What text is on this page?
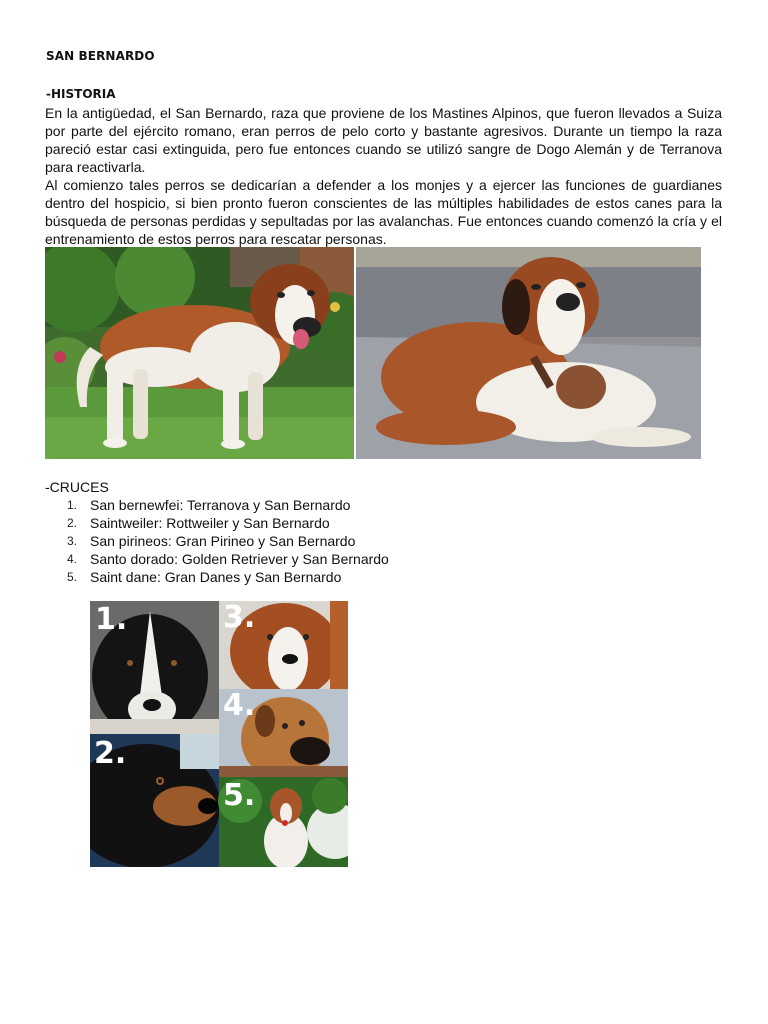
SAN BERNARDO
-HISTORIA

En la antigüedad, el San Bernardo, raza que proviene de los Mastines Alpinos, que fueron llevados a Suiza por parte del ejército romano, eran perros de pelo corto y bastante agresivos. Durante un tiempo la raza pareció estar casi extinguida, pero fue entonces cuando se utilizó sangre de Dogo Alemán y de Terranova para reactivarla.

Al comienzo tales perros se dedicarían a defender a los monjes y a ejercer las funciones de guardianes dentro del hospicio, si bien pronto fueron conscientes de las múltiples habilidades de estos canes para la búsqueda de personas perdidas y sepultadas por las avalanchas. Fue entonces cuando comenzó la cría y el entrenamiento de estos perros para rescatar personas.

-CRUCES
1. San bernewfei: Terranova y San Bernardo
2. Saintweiler: Rottweiler y San Bernardo
3. San pirineos: Gran Pirineo y San Bernardo
4. Santo dorado: Golden Retriever y San Bernardo
5. Saint dane: Gran Danes y San Bernardo
1.	3.
4.
2.
5.
